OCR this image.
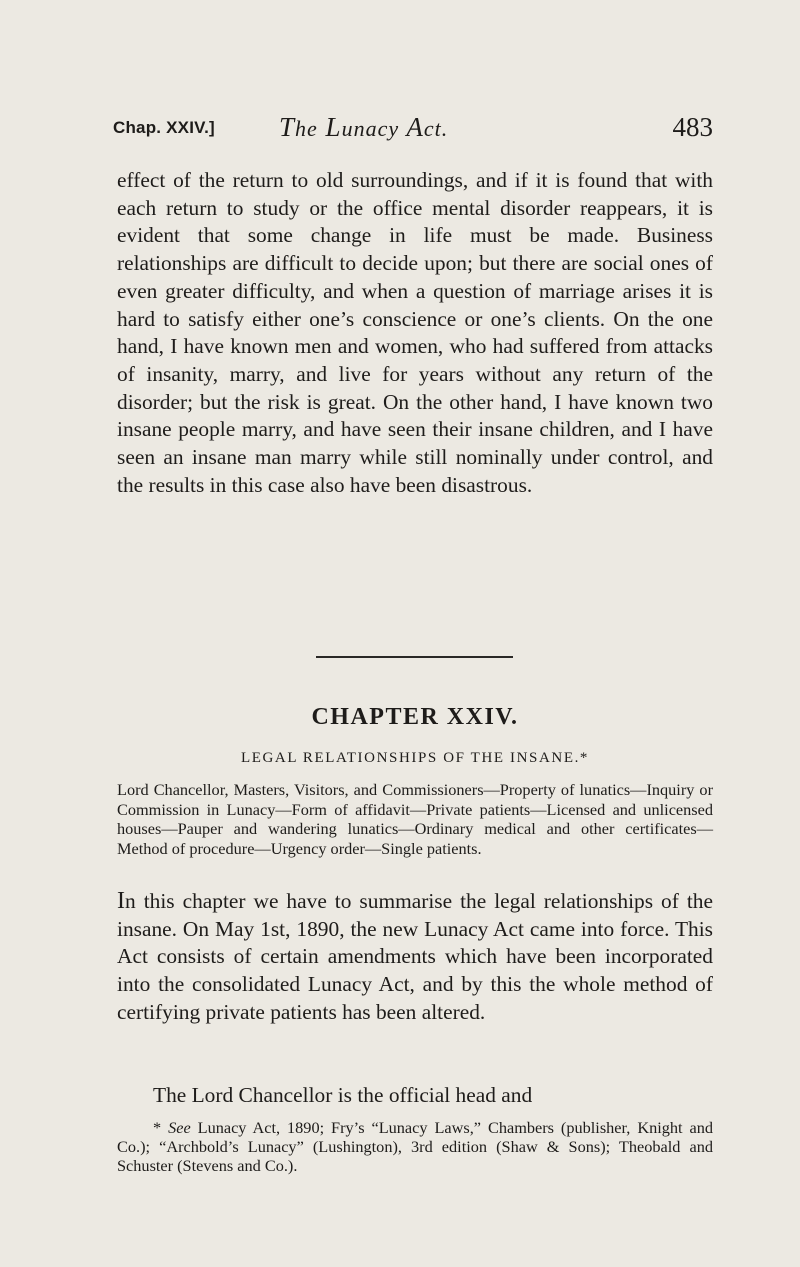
Chap. XXIV.] The Lunacy Act.	483

effect of the return to old surroundings, and if it is found that with each return to study or the office mental disorder reappears, it is evident that some change in life must be made. Business relationships are difficult to decide upon; but there are social ones of even greater difficulty, and when a question of marriage arises it is hard to satisfy either one’s conscience or one’s clients. On the one hand, I have known men and women, who had suffered from attacks of insanity, marry, and live for years without any return of the disorder; but the risk is great. On the other hand, I have known two insane people marry, and have seen their insane children, and I have seen an insane man marry while still nominally under control, and the results in this case also have been disastrous.

CHAPTER XXIV.
LEGAL RELATIONSHIPS OF THE INSANE.*

Lord Chancellor, Masters, Visitors, and Commissioners—Property of lunatics—Inquiry or Commission in Lunacy—Form of affidavit—Private patients—Licensed and unlicensed houses—Pauper and wandering lunatics—Ordinary medical and other certificates—Method of procedure—Urgency order—Single patients.

In this chapter we have to summarise the legal relationships of the insane. On May 1st, 1890, the new Lunacy Act came into force. This Act consists of certain amendments which have been incorporated into the consolidated Lunacy Act, and by this the whole method of certifying private patients has been altered.

The Lord Chancellor is the official head and

* See Lunacy Act, 1890; Fry’s “Lunacy Laws,” Chambers (publisher, Knight and Co.); “Archbold’s Lunacy” (Lushington), 3rd edition (Shaw & Sons); Theobald and Schuster (Stevens and Co.).
